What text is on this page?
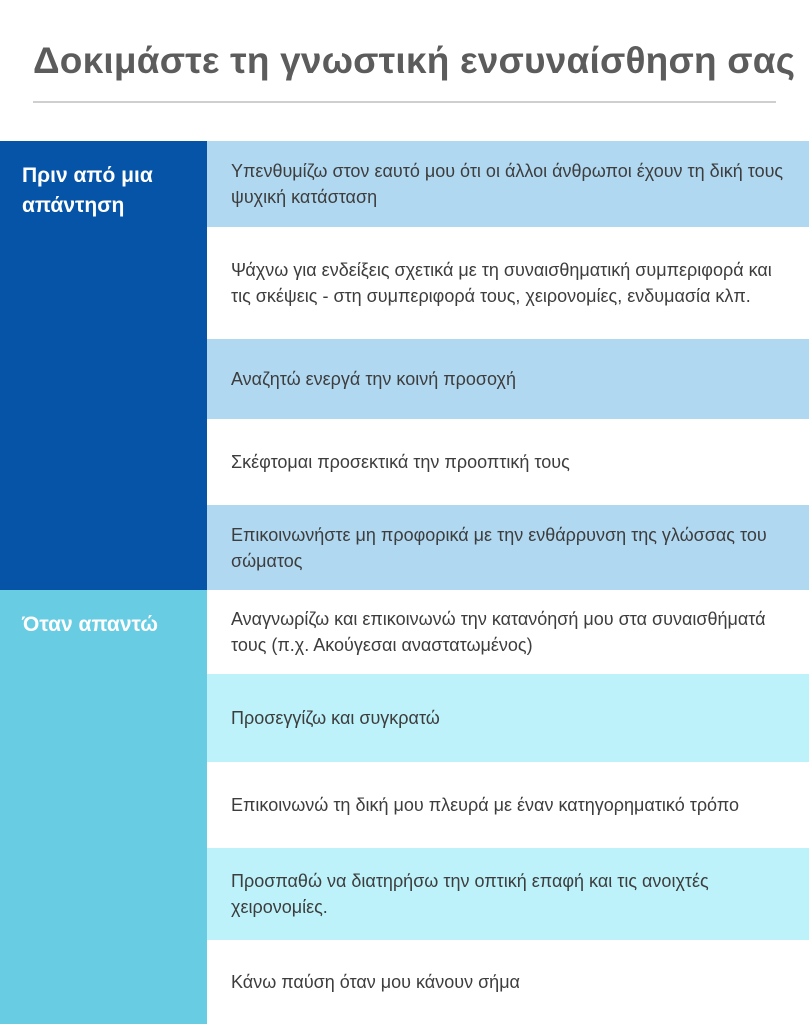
Δοκιμάστε τη γνωστική ενσυναίσθηση σας
Πριν από μια απάντηση
Υπενθυμίζω στον εαυτό μου ότι οι άλλοι άνθρωποι έχουν τη δική τους ψυχική κατάσταση
Ψάχνω για ενδείξεις σχετικά με τη συναισθηματική συμπεριφορά και τις σκέψεις - στη συμπεριφορά τους, χειρονομίες, ενδυμασία κλπ.
Αναζητώ ενεργά την κοινή προσοχή
Σκέφτομαι προσεκτικά την προοπτική τους
Επικοινωνήστε μη προφορικά με την ενθάρρυνση της γλώσσας του σώματος
Όταν απαντώ	Αναγνωρίζω και επικοινωνώ την κατανόησή μου στα συναισθήματά τους (π.χ. Ακούγεσαι αναστατωμένος)
Προσεγγίζω και συγκρατώ
Επικοινωνώ τη δική μου πλευρά με έναν κατηγορηματικό τρόπο
Προσπαθώ να διατηρήσω την οπτική επαφή και τις ανοιχτές χειρονομίες.
Κάνω παύση όταν μου κάνουν σήμα
